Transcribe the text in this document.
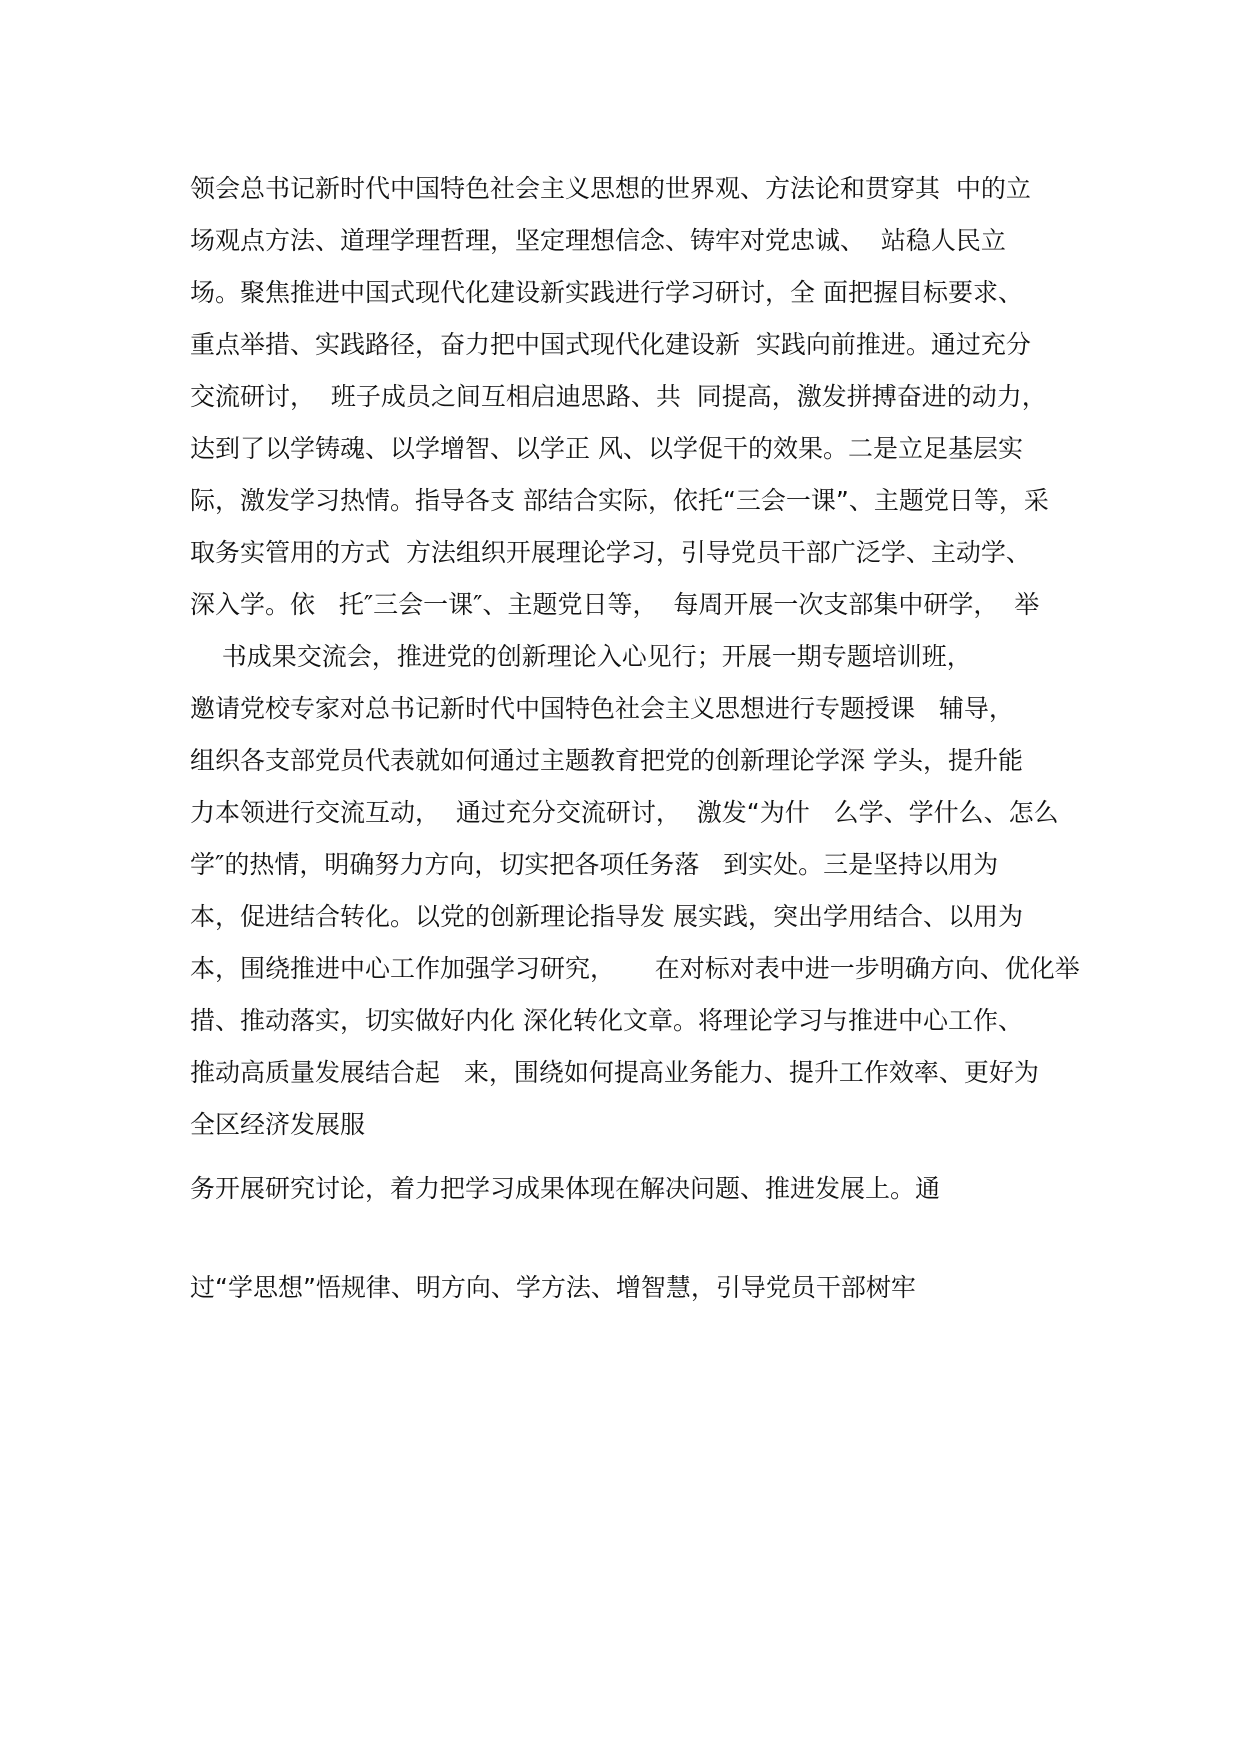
领会总书记新时代中国特色社会主义思想的世界观、方法论和贯穿其  中的立
场观点方法、道理学理哲理，坚定理想信念、铸牢对党忠诚、  站稳人民立
场。聚焦推进中国式现代化建设新实践进行学习研讨，全 面把握目标要求、
重点举措、实践路径，奋力把中国式现代化建设新  实践向前推进。通过充分
交流研讨，  班子成员之间互相启迪思路、共  同提高，激发拼搏奋进的动力，
达到了以学铸魂、以学增智、以学正 风、以学促干的效果。二是立足基层实
际，激发学习热情。指导各支 部结合实际，依托“三会一课”、主题党日等，采
取务实管用的方式  方法组织开展理论学习，引导党员干部广泛学、主动学、
深入学。依   托″三会一课″、主题党日等，  每周开展一次支部集中研学，  举
书成果交流会，推进党的创新理论入心见行；开展一期专题培训班，
邀请党校专家对总书记新时代中国特色社会主义思想进行专题授课   辅导，
组织各支部党员代表就如何通过主题教育把党的创新理论学深 学头，提升能
力本领进行交流互动，  通过充分交流研讨，  激发“为什   么学、学什么、怎么
学″的热情，明确努力方向，切实把各项任务落   到实处。三是坚持以用为
本，促进结合转化。以党的创新理论指导发 展实践，突出学用结合、以用为
本，围绕推进中心工作加强学习研究，     在对标对表中进一步明确方向、优化举
措、推动落实，切实做好内化 深化转化文章。将理论学习与推进中心工作、
推动高质量发展结合起   来，围绕如何提高业务能力、提升工作效率、更好为
全区经济发展服

务开展研究讨论，着力把学习成果体现在解决问题、推进发展上。通

过“学思想”悟规律、明方向、学方法、增智慧，引导党员干部树牢
